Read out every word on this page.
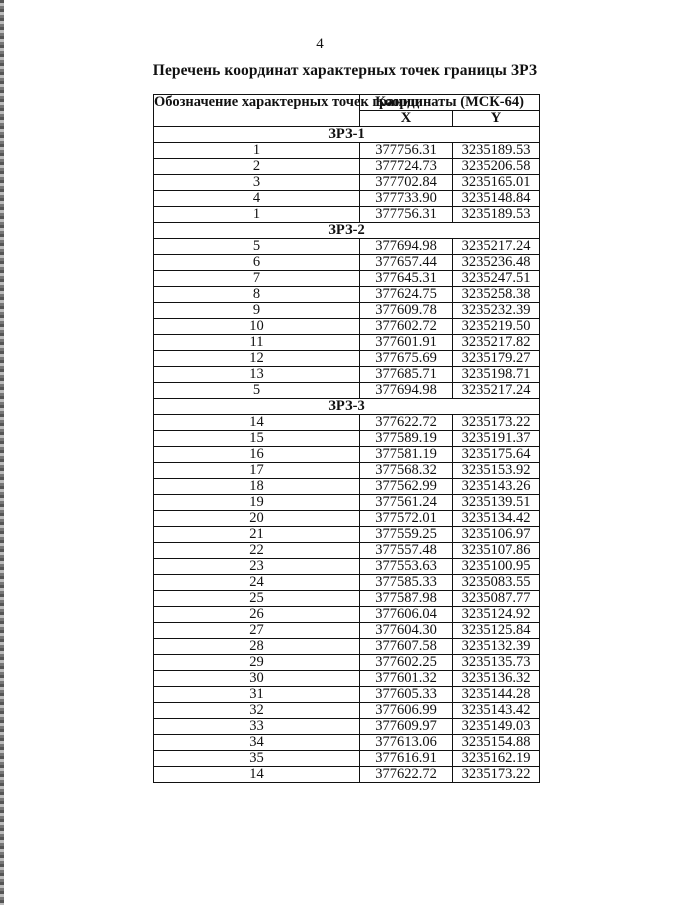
4
Перечень координат характерных точек границы ЗРЗ
Обозначение характерных точек границ	Координаты (МСК-64)	
	X	Y
ЗРЗ-1		
1	377756.31	3235189.53
2	377724.73	3235206.58
3	377702.84	3235165.01
4	377733.90	3235148.84
1	377756.31	3235189.53
ЗРЗ-2		
5	377694.98	3235217.24
6	377657.44	3235236.48
7	377645.31	3235247.51
8	377624.75	3235258.38
9	377609.78	3235232.39
10	377602.72	3235219.50
11	377601.91	3235217.82
12	377675.69	3235179.27
13	377685.71	3235198.71
5	377694.98	3235217.24
ЗРЗ-3		
14	377622.72	3235173.22
15	377589.19	3235191.37
16	377581.19	3235175.64
17	377568.32	3235153.92
18	377562.99	3235143.26
19	377561.24	3235139.51
20	377572.01	3235134.42
21	377559.25	3235106.97
22	377557.48	3235107.86
23	377553.63	3235100.95
24	377585.33	3235083.55
25	377587.98	3235087.77
26	377606.04	3235124.92
27	377604.30	3235125.84
28	377607.58	3235132.39
29	377602.25	3235135.73
30	377601.32	3235136.32
31	377605.33	3235144.28
32	377606.99	3235143.42
33	377609.97	3235149.03
34	377613.06	3235154.88
35	377616.91	3235162.19
14	377622.72	3235173.22
